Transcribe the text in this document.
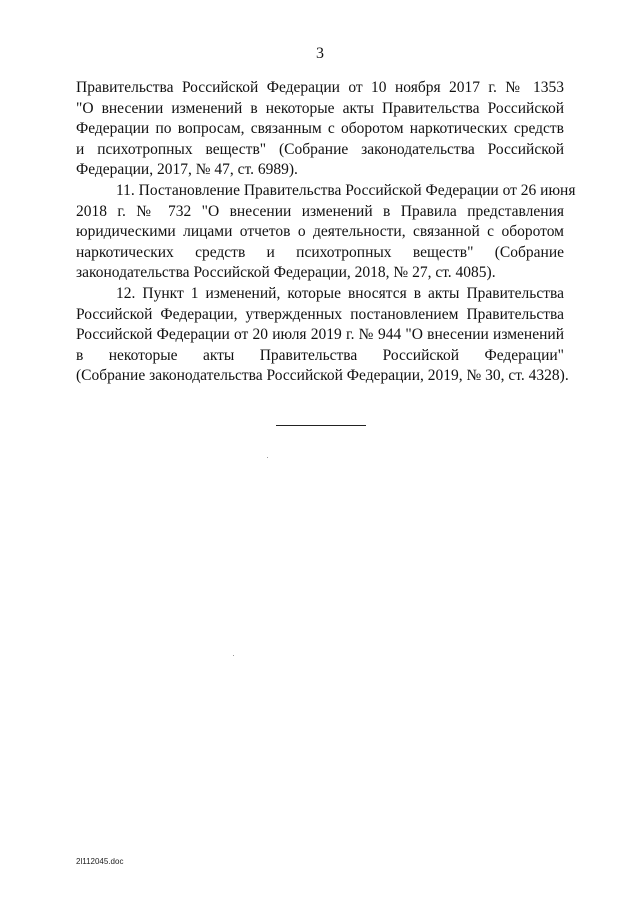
3
Правительства Российской Федерации от 10 ноября 2017 г. № 1353
"О внесении изменений в некоторые акты Правительства Российской
Федерации по вопросам, связанным с оборотом наркотических средств
и психотропных веществ" (Собрание законодательства Российской
Федерации, 2017, № 47, ст. 6989).
11. Постановление Правительства Российской Федерации от 26 июня
2018 г. № 732 "О внесении изменений в Правила представления
юридическими лицами отчетов о деятельности, связанной с оборотом
наркотических средств и психотропных веществ" (Собрание
законодательства Российской Федерации, 2018, № 27, ст. 4085).
12. Пункт 1 изменений, которые вносятся в акты Правительства
Российской Федерации, утвержденных постановлением Правительства
Российской Федерации от 20 июля 2019 г. № 944 "О внесении изменений
в некоторые акты Правительства Российской Федерации"
(Собрание законодательства Российской Федерации, 2019, № 30, ст. 4328).
2l112045.doc
